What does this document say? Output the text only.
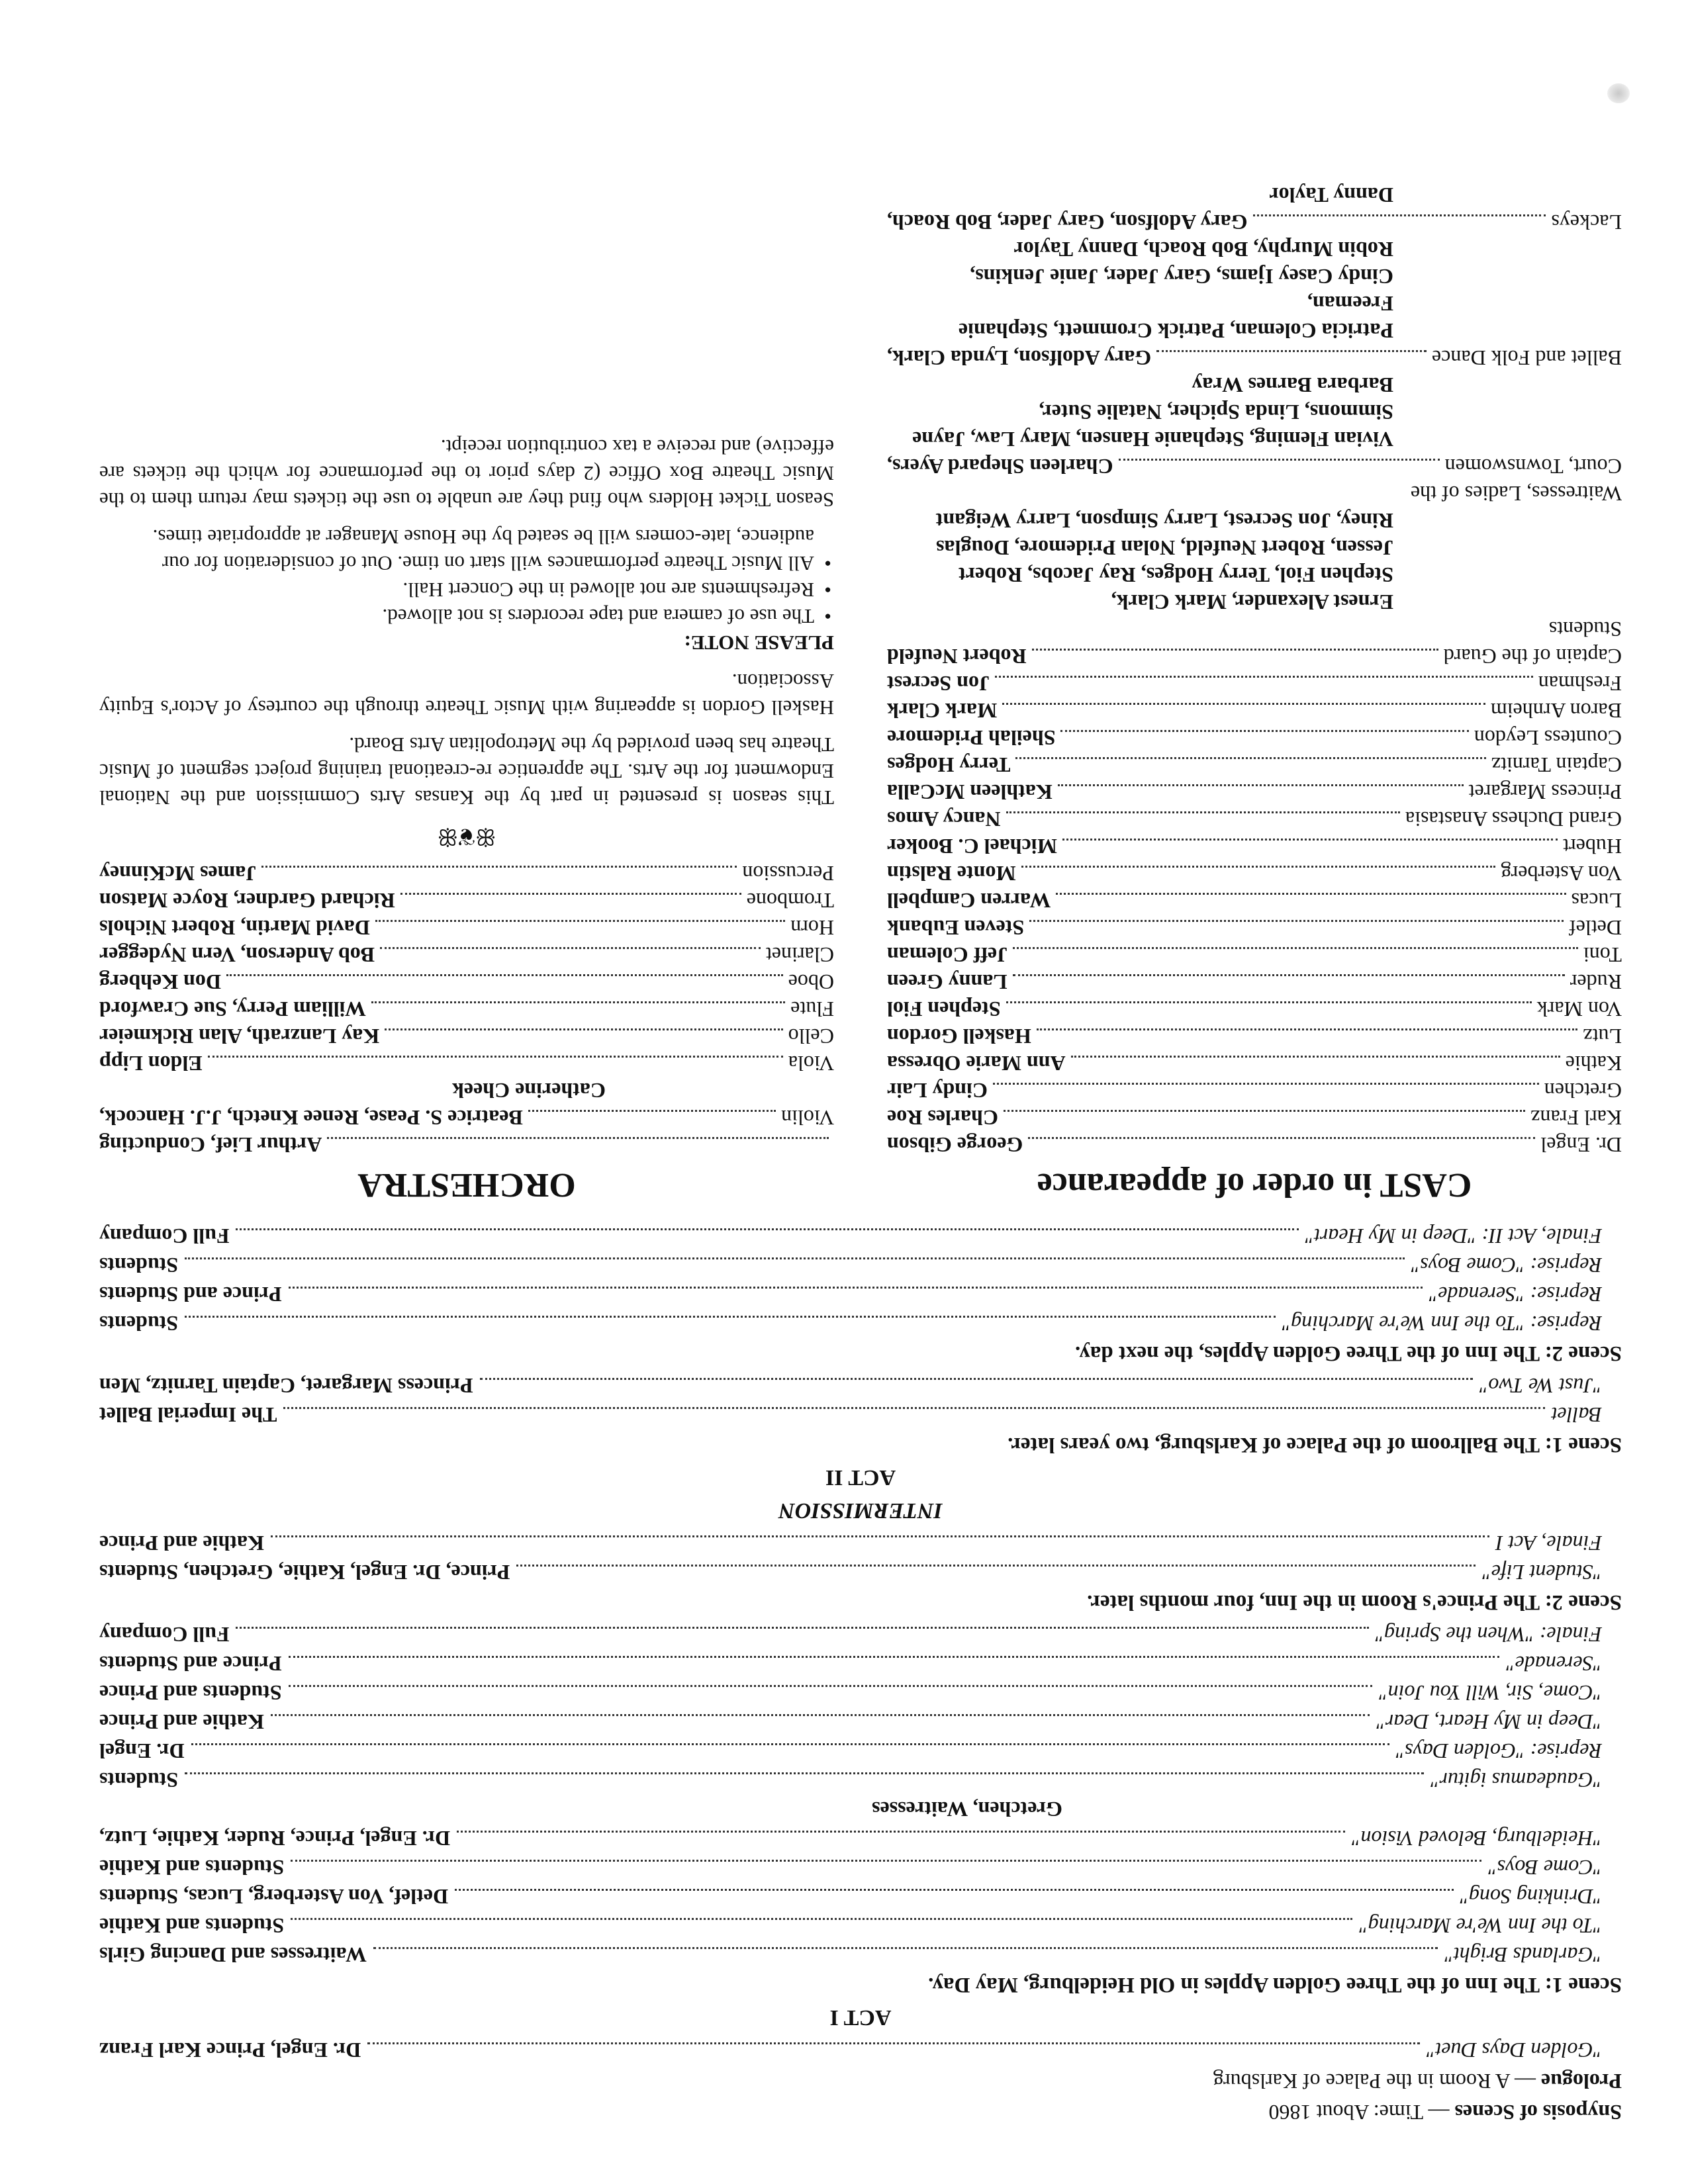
Snyposis of Scenes — Time: About 1860
Prologue — A Room in the Palace of Karlsburg
"Golden Days Duet"
Dr. Engel, Prince Karl Franz
ACT I
Scene 1: The Inn of the Three Golden Apples in Old Heidelburg, May Day.
"Garlands Bright"
Waitresses and Dancing Girls
"To the Inn We're Marching"
Students and Kathie
"Drinking Song"
Detlef, Von Asterberg, Lucas, Students
"Come Boys"
Students and Kathie
"Heidelburg, Beloved Vision"
Dr. Engel, Prince, Ruder, Kathie, Lutz,
Gretchen, Waitresses
"Gaudeamus igitur"
Students
Reprise: "Golden Days"
Dr. Engel
"Deep in My Heart, Dear"
Kathie and Prince
"Come, Sir, Will You Join"
Students and Prince
"Serenade"
Prince and Students
Finale: "When the Spring"
Full Company
Scene 2: The Prince's Room in the Inn, four months later.
"Student Life"
Prince, Dr. Engel, Kathie, Gretchen, Students
Finale, Act I
Kathie and Prince
INTERMISSION
ACT II
Scene 1: The Ballroom of the Palace of Karlsburg, two years later.
Ballet
The Imperial Ballet
"Just We Two"
Princess Margaret, Captain Tarnitz, Men
Scene 2: The Inn of the Three Golden Apples, the next day.
Reprise: "To the Inn We're Marching"
Students
Reprise: "Serenade"
Prince and Students
Reprise: "Come Boys"
Students
Finale, Act II: "Deep in My Heart"
Full Company
CAST in order of appearance
Dr. Engel
George Gibson
Karl Franz
Charles Roe
Gretchen
Cindy Lair
Kathie
Ann Marie Obressa
Lutz
Haskell Gordon
Von Mark
Stephen Fiol
Ruder
Lanny Green
Toni
Jeff Coleman
Detlef
Steven Eubank
Lucas
Warren Campbell
Von Asterberg
Monte Ralstin
Hubert
Michael C. Booker
Grand Duchess Anastasia
Nancy Amos
Princess Margaret
Kathleen McCalla
Captain Tarnitz
Terry Hodges
Countess Leydon
Sheilah Pridemore
Baron Arnheim
Mark Clark
Freshman
Jon Secrest
Captain of the Guard
Robert Neufeld
Students
Ernest Alexander, Mark Clark,
Stephen Fiol, Terry Hodges, Ray Jacobs, Robert
Jessen, Robert Neufeld, Nolan Pridemore, Douglas
Riney, Jon Secrest, Larry Simpson, Larry Weigant
Waitresses, Ladies of the
Court, Townswomen
Charleen Shepard Ayers,
Vivian Fleming, Stephanie Hansen, Mary Law, Jayne
Simmons, Linda Spicher, Natalie Suter,
Barbara Barnes Wray
Ballet and Folk Dance
Gary Adolfson, Lynda Clark,
Patricia Coleman, Patrick Crommett, Stephanie Freeman,
Cindy Casey Ijams, Gary Jader, Janie Jenkins,
Robin Murphy, Bob Roach, Danny Taylor
Lackeys
Gary Adolfson, Gary Jader, Bob Roach,
Danny Taylor
ORCHESTRA
Arthur Lief, Conducting
Violin
Beatrice S. Pease, Renee Knetch, J.J. Hancock,
Catherine Cheek
Viola
Eldon Lipp
Cello
Kay Lanzrath, Alan Rickmeier
Flute
William Perry, Sue Crawford
Oboe
Don Kehberg
Clarinet
Bob Anderson, Vern Nydegger
Horn
David Martin, Robert Nichols
Trombone
Richard Gardner, Royce Matson
Percussion
James McKinney
ꕥ❦ꕥ
This season is presented in part by the Kansas Arts Commission and the National Endowment for the Arts. The apprentice re-creational training project segment of Music Theatre has been provided by the Metropolitan Arts Board.
Haskell Gordon is appearing with Music Theatre through the courtesy of Actor's Equity Association.
PLEASE NOTE:
• The use of camera and tape recorders is not allowed.
• Refreshments are not allowed in the Concert Hall.
• All Music Theatre performances will start on time. Out of consideration for our audience, late-comers will be seated by the House Manager at appropriate times.
Season Ticket Holders who find they are unable to use the tickets may return them to the Music Theatre Box Office (2 days prior to the performance for which the tickets are effective) and receive a tax contribution receipt.
